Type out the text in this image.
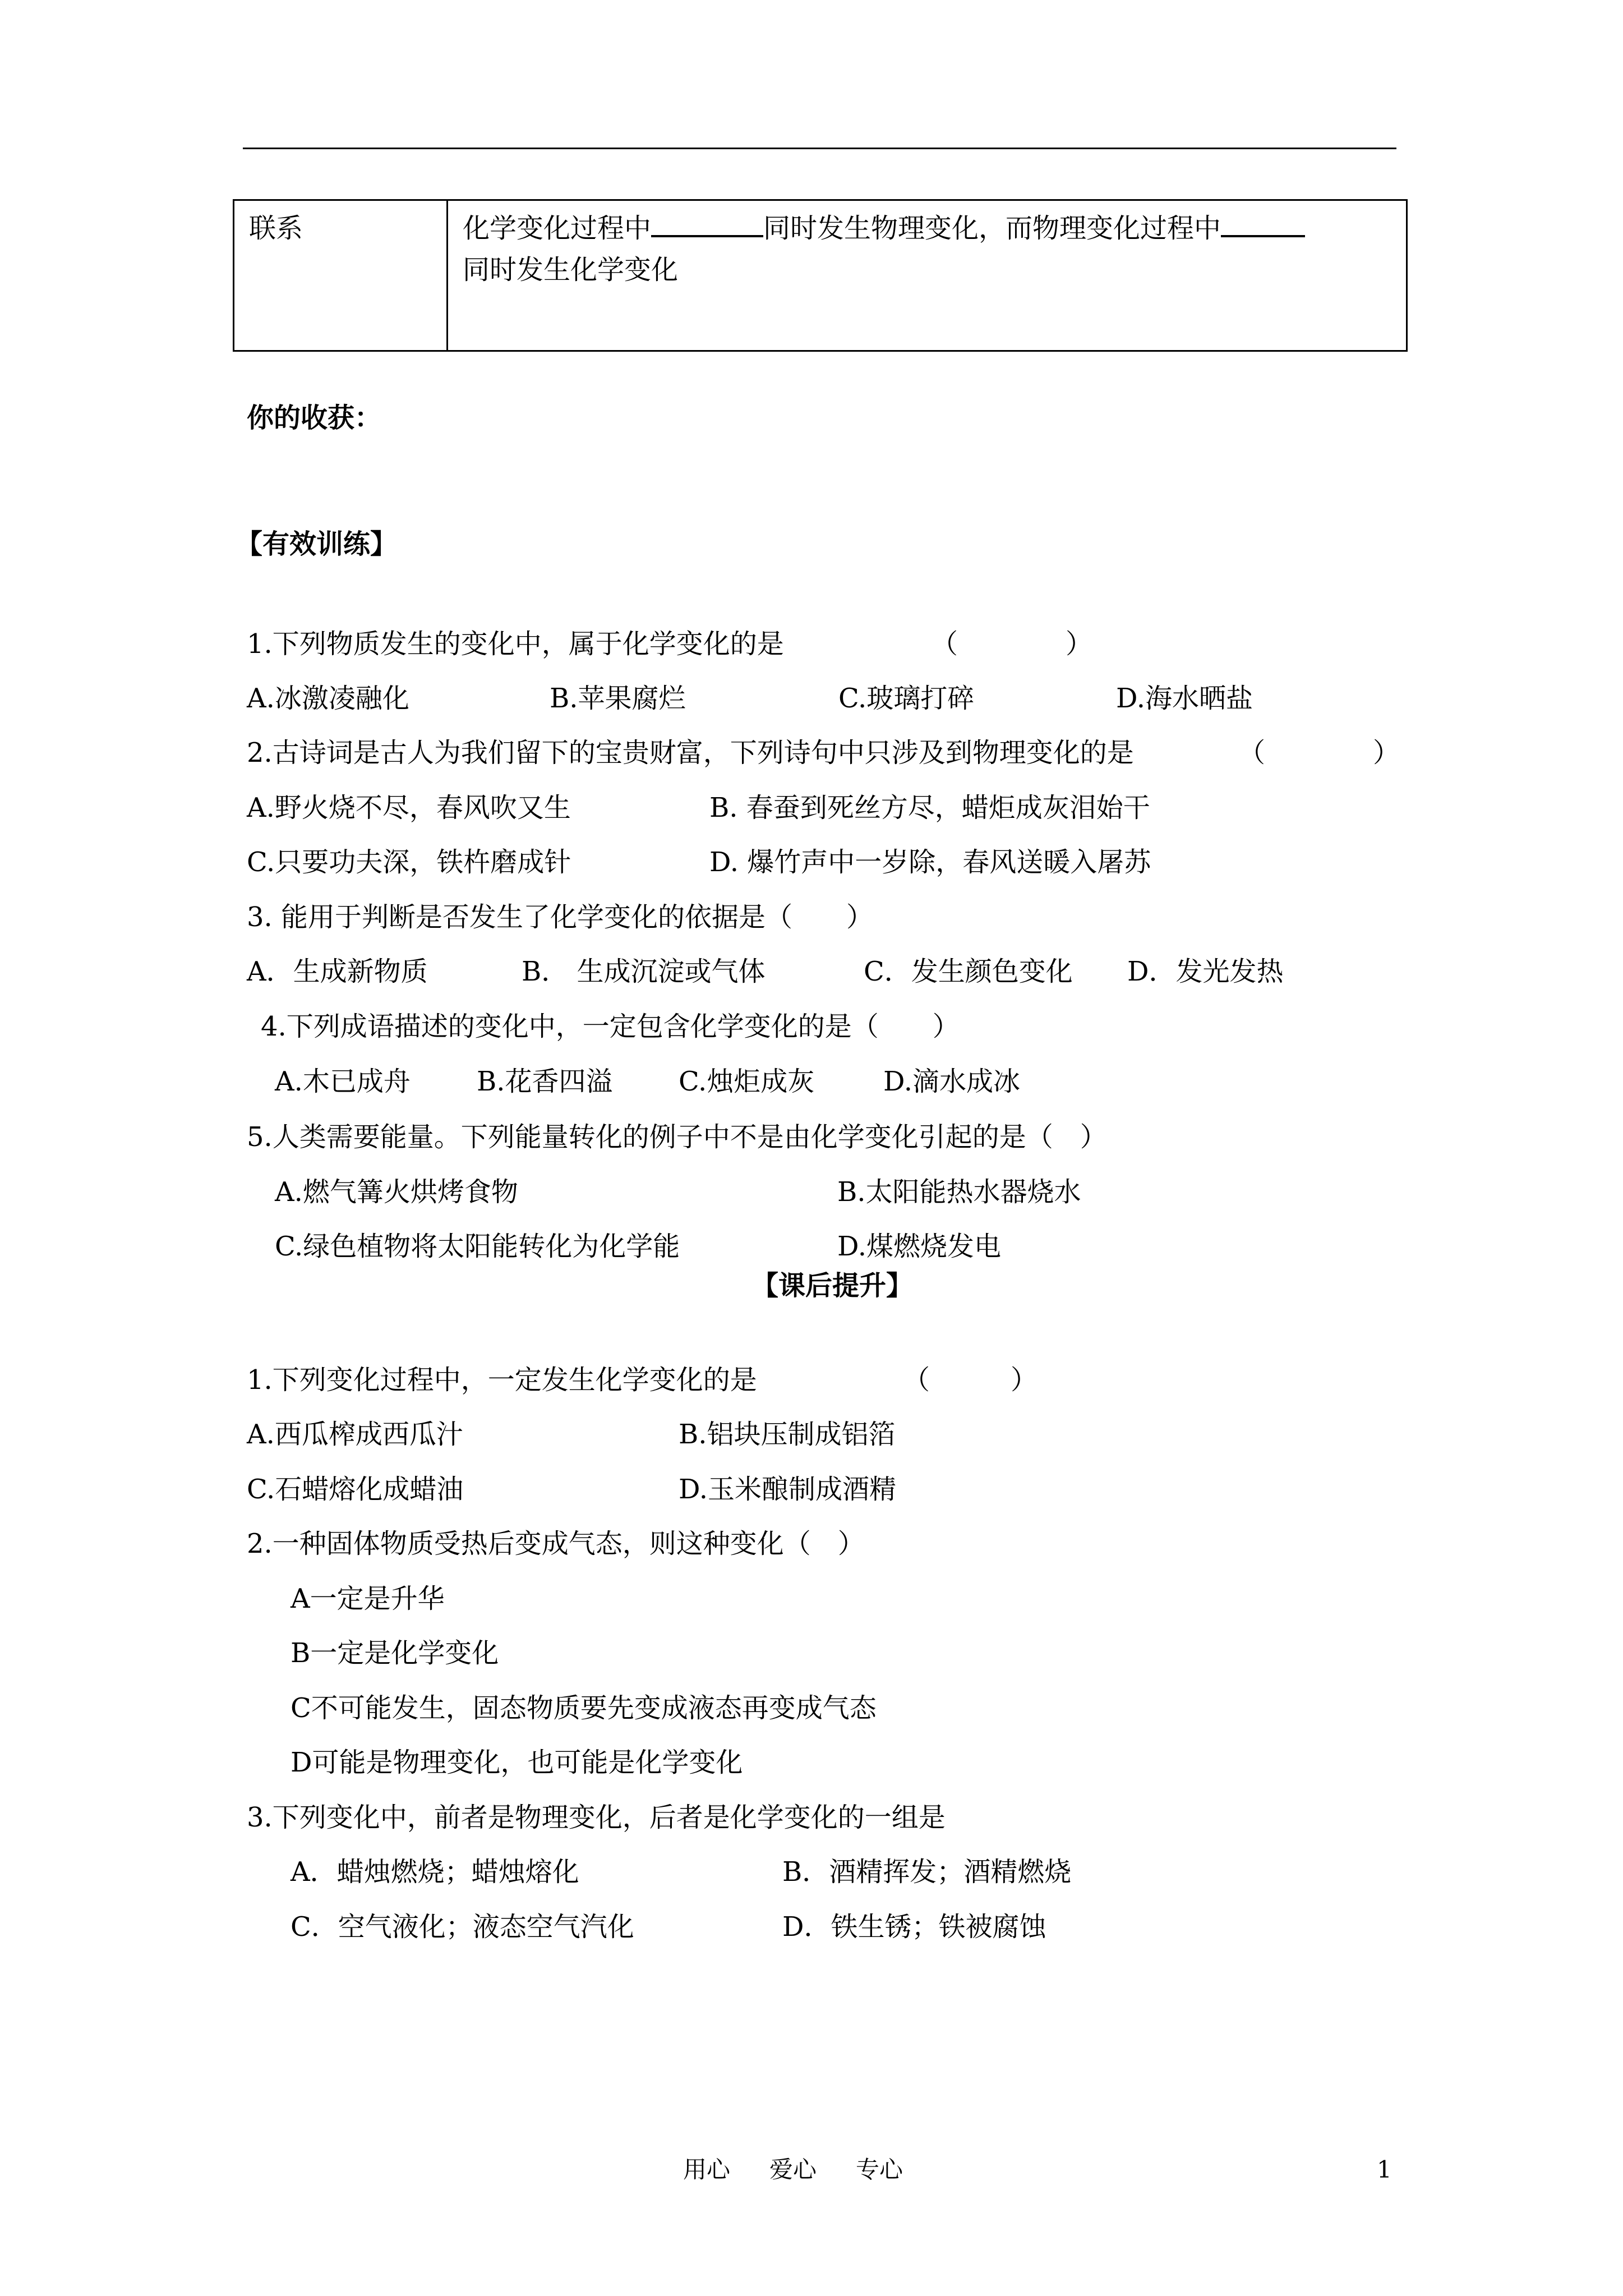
联系	化学变化过程中	同时发生物理变化，而物理变化过程中
同时发生化学变化
你的收获：
【有效训练】
1.下列物质发生的变化中，属于化学变化的是	（　　　　）
A.冰激凌融化	B.苹果腐烂	C.玻璃打碎	D.海水晒盐
2.古诗词是古人为我们留下的宝贵财富，下列诗句中只涉及到物理变化的是	（　　　　）
A.野火烧不尽，春风吹又生	B. 春蚕到死丝方尽，蜡炬成灰泪始干
C.只要功夫深，铁杵磨成针	D. 爆竹声中一岁除，春风送暖入屠苏
3. 能用于判断是否发生了化学变化的依据是（　　）
A．生成新物质	B． 生成沉淀或气体	C．发生颜色变化 D．发光发热
4.下列成语描述的变化中，一定包含化学变化的是（　　）
A.木已成舟 B.花香四溢 C.烛炬成灰	D.滴水成冰
5.人类需要能量。下列能量转化的例子中不是由化学变化引起的是（　）
A.燃气篝火烘烤食物	B.太阳能热水器烧水
C.绿色植物将太阳能转化为化学能	D.煤燃烧发电
【课后提升】
1.下列变化过程中，一定发生化学变化的是	（　　　）
A.西瓜榨成西瓜汁	B.铝块压制成铝箔
C.石蜡熔化成蜡油	D.玉米酿制成酒精
2.一种固体物质受热后变成气态，则这种变化（　）
A一定是升华
B一定是化学变化
C不可能发生，固态物质要先变成液态再变成气态
D可能是物理变化，也可能是化学变化
3.下列变化中，前者是物理变化，后者是化学变化的一组是
A．蜡烛燃烧；蜡烛熔化	B．酒精挥发；酒精燃烧
C．空气液化；液态空气汽化	D．铁生锈；铁被腐蚀
用心 爱心 专心	1
